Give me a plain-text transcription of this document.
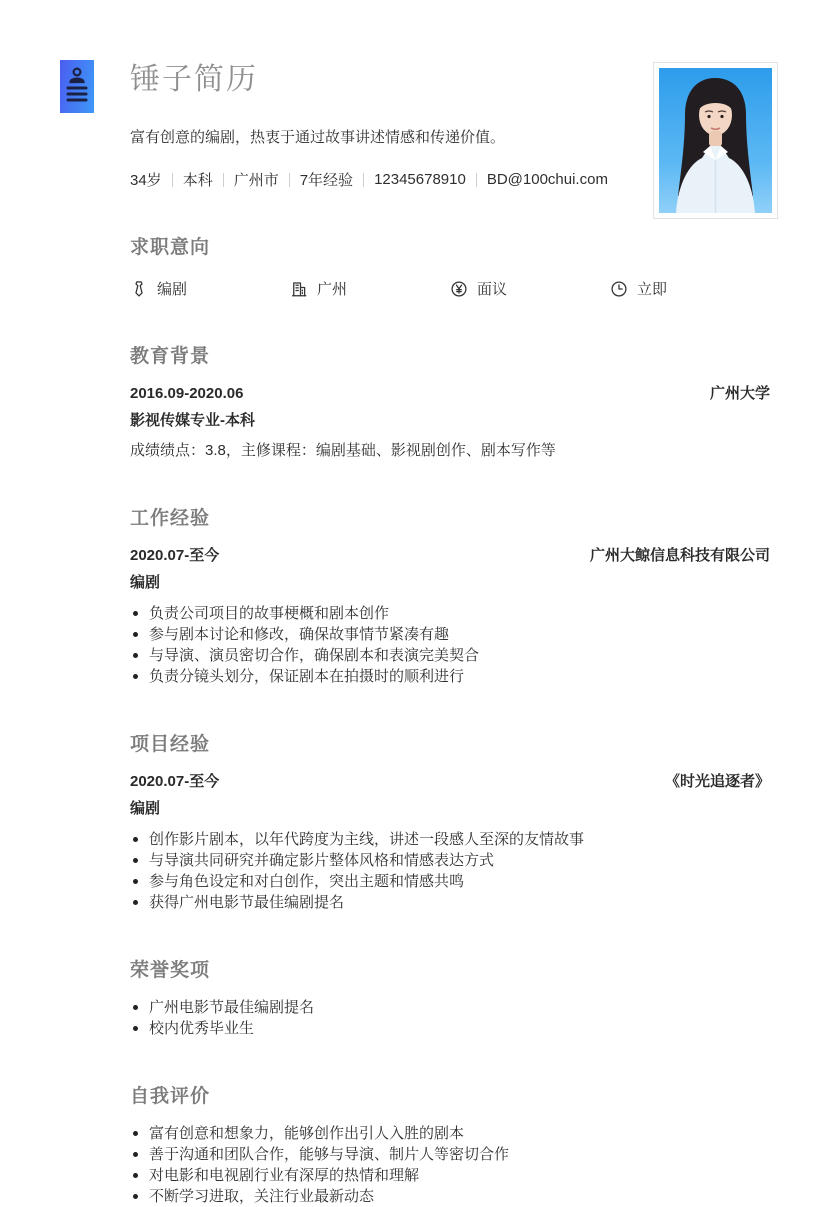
锤子简历

富有创意的编剧，热衷于通过故事讲述情感和传递价值。

34岁 本科 广州市 7年经验 12345678910 BD@100chui.com
求职意向
编剧	广州	面议	立即
教育背景
2016.09-2020.06	广州大学
影视传媒专业-本科
成绩绩点：3.8，主修课程：编剧基础、影视剧创作、剧本写作等
工作经验
2020.07-至今	广州大鲸信息科技有限公司
编剧
负责公司项目的故事梗概和剧本创作
参与剧本讨论和修改，确保故事情节紧凑有趣
与导演、演员密切合作，确保剧本和表演完美契合
负责分镜头划分，保证剧本在拍摄时的顺利进行
项目经验
2020.07-至今	《时光追逐者》
编剧
创作影片剧本，以年代跨度为主线，讲述一段感人至深的友情故事
与导演共同研究并确定影片整体风格和情感表达方式
参与角色设定和对白创作，突出主题和情感共鸣
获得广州电影节最佳编剧提名
荣誉奖项
广州电影节最佳编剧提名
校内优秀毕业生
自我评价
富有创意和想象力，能够创作出引人入胜的剧本
善于沟通和团队合作，能够与导演、制片人等密切合作
对电影和电视剧行业有深厚的热情和理解
不断学习进取，关注行业最新动态
